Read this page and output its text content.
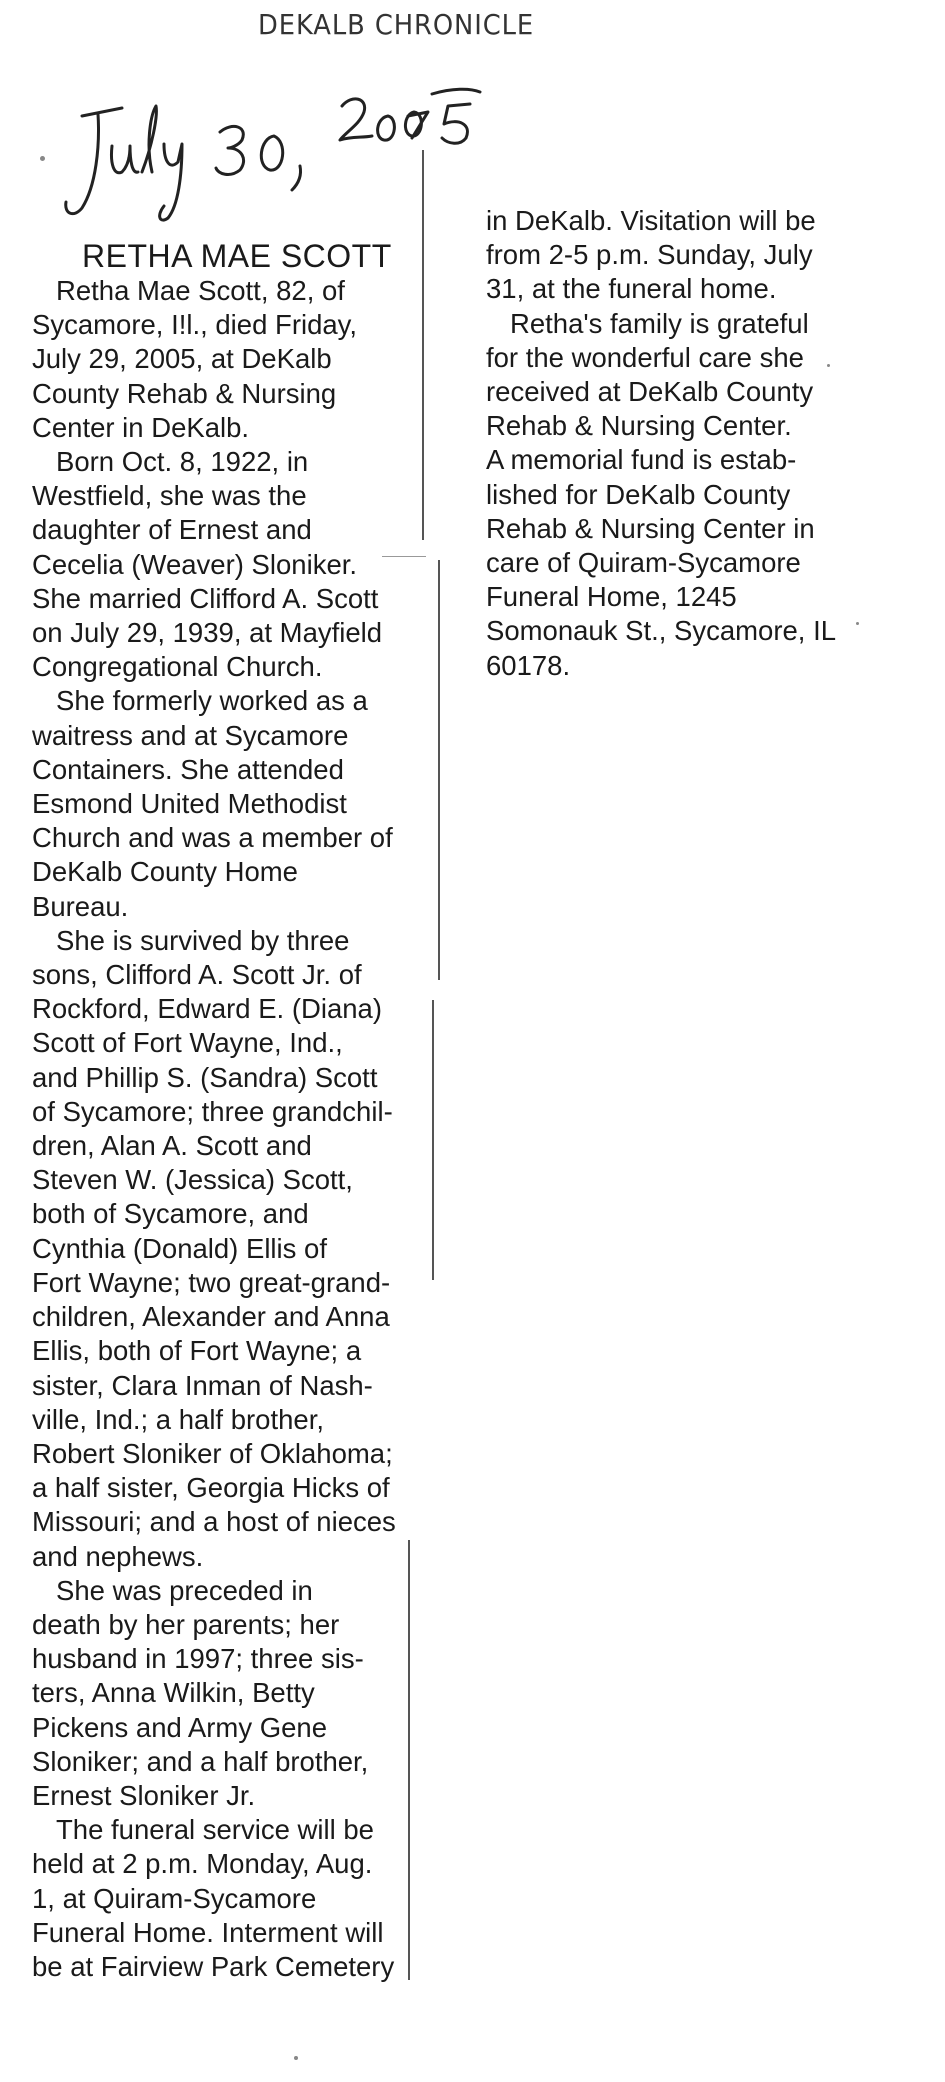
DEKALB CHRONICLE
RETHA MAE SCOTT
Retha Mae Scott, 82, of
Sycamore, I!l., died Friday,
July 29, 2005, at DeKalb
County Rehab & Nursing
Center in DeKalb.
Born Oct. 8, 1922, in
Westfield, she was the
daughter of Ernest and
Cecelia (Weaver) Sloniker.
She married Clifford A. Scott
on July 29, 1939, at Mayfield
Congregational Church.
She formerly worked as a
waitress and at Sycamore
Containers. She attended
Esmond United Methodist
Church and was a member of
DeKalb County Home
Bureau.
She is survived by three
sons, Clifford A. Scott Jr. of
Rockford, Edward E. (Diana)
Scott of Fort Wayne, Ind.,
and Phillip S. (Sandra) Scott
of Sycamore; three grandchil-
dren, Alan A. Scott and
Steven W. (Jessica) Scott,
both of Sycamore, and
Cynthia (Donald) Ellis of
Fort Wayne; two great-grand-
children, Alexander and Anna
Ellis, both of Fort Wayne; a
sister, Clara Inman of Nash-
ville, Ind.; a half brother,
Robert Sloniker of Oklahoma;
a half sister, Georgia Hicks of
Missouri; and a host of nieces
and nephews.
She was preceded in
death by her parents; her
husband in 1997; three sis-
ters, Anna Wilkin, Betty
Pickens and Army Gene
Sloniker; and a half brother,
Ernest Sloniker Jr.
The funeral service will be
held at 2 p.m. Monday, Aug.
1, at Quiram-Sycamore
Funeral Home. Interment will
be at Fairview Park Cemetery
in DeKalb. Visitation will be
from 2-5 p.m. Sunday, July
31, at the funeral home.
Retha's family is grateful
for the wonderful care she
received at DeKalb County
Rehab & Nursing Center.
A memorial fund is estab-
lished for DeKalb County
Rehab & Nursing Center in
care of Quiram-Sycamore
Funeral Home, 1245
Somonauk St., Sycamore, IL
60178.
